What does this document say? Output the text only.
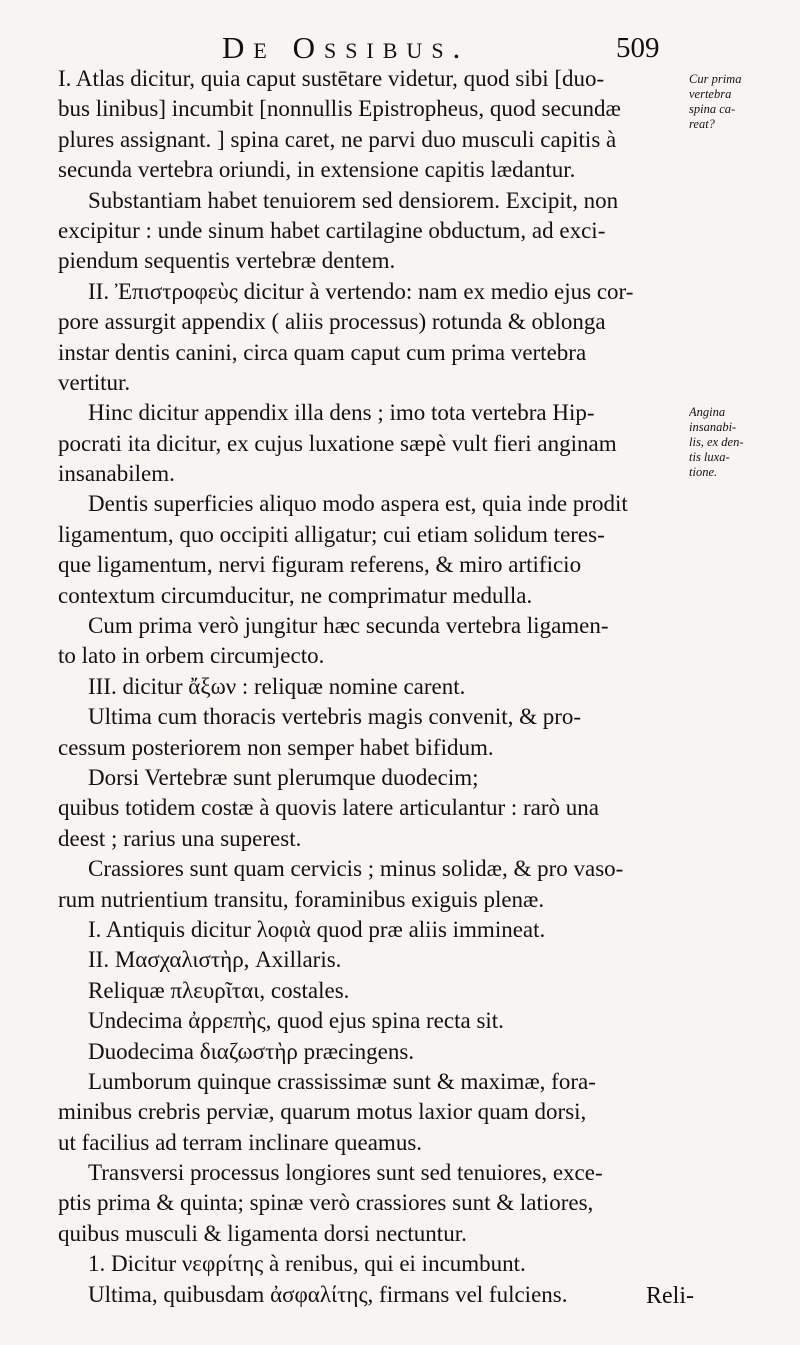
De Ossibus.	509
I. Atlas dicitur, quia caput sustētare videtur, quod sibi [duo-
bus linibus] incumbit [nonnullis Epistropheus, quod secundæ
plures assignant. ] spina caret, ne parvi duo musculi capitis à
secunda vertebra oriundi, in extensione capitis lædantur.
Substantiam habet tenuiorem sed densiorem. Excipit, non
excipitur : unde sinum habet cartilagine obductum, ad exci-
piendum sequentis vertebræ dentem.
II. Ἐπιστροφεὺς dicitur à vertendo: nam ex medio ejus cor-
pore assurgit appendix ( aliis processus) rotunda & oblonga
instar dentis canini, circa quam caput cum prima vertebra
vertitur.
Hinc dicitur appendix illa dens ; imo tota vertebra Hip-
pocrati ita dicitur, ex cujus luxatione sæpè vult fieri anginam
insanabilem.
Dentis superficies aliquo modo aspera est, quia inde prodit
ligamentum, quo occipiti alligatur; cui etiam solidum teres-
que ligamentum, nervi figuram referens, & miro artificio
contextum circumducitur, ne comprimatur medulla.
Cum prima verò jungitur hæc secunda vertebra ligamen-
to lato in orbem circumjecto.
III. dicitur ἄξων : reliquæ nomine carent.
Ultima cum thoracis vertebris magis convenit, & pro-
cessum posteriorem non semper habet bifidum.
Dorsi Vertebræ sunt plerumque duodecim;
quibus totidem costæ à quovis latere articulantur : rarò una
deest ; rarius una superest.
Crassiores sunt quam cervicis ; minus solidæ, & pro vaso-
rum nutrientium transitu, foraminibus exiguis plenæ.
I. Antiquis dicitur λοφιὰ quod præ aliis immineat.
II. Μασχαλιστὴρ, Axillaris.
Reliquæ πλευρῖται, costales.
Undecima ἀρρεπὴς, quod ejus spina recta sit.
Duodecima διαζωστὴρ præcingens.
Lumborum quinque crassissimæ sunt & maximæ, fora-
minibus crebris perviæ, quarum motus laxior quam dorsi,
ut facilius ad terram inclinare queamus.
Transversi processus longiores sunt sed tenuiores, exce-
ptis prima & quinta; spinæ verò crassiores sunt & latiores,
quibus musculi & ligamenta dorsi nectuntur.
1. Dicitur νεφρίτης à renibus, qui ei incumbunt.
Ultima, quibusdam ἀσφαλίτης, firmans vel fulciens.
Cur prima
vertebra
spina ca-
reat?
Angina
insanabi-
lis, ex den-
tis luxa-
tione.
Reli-
